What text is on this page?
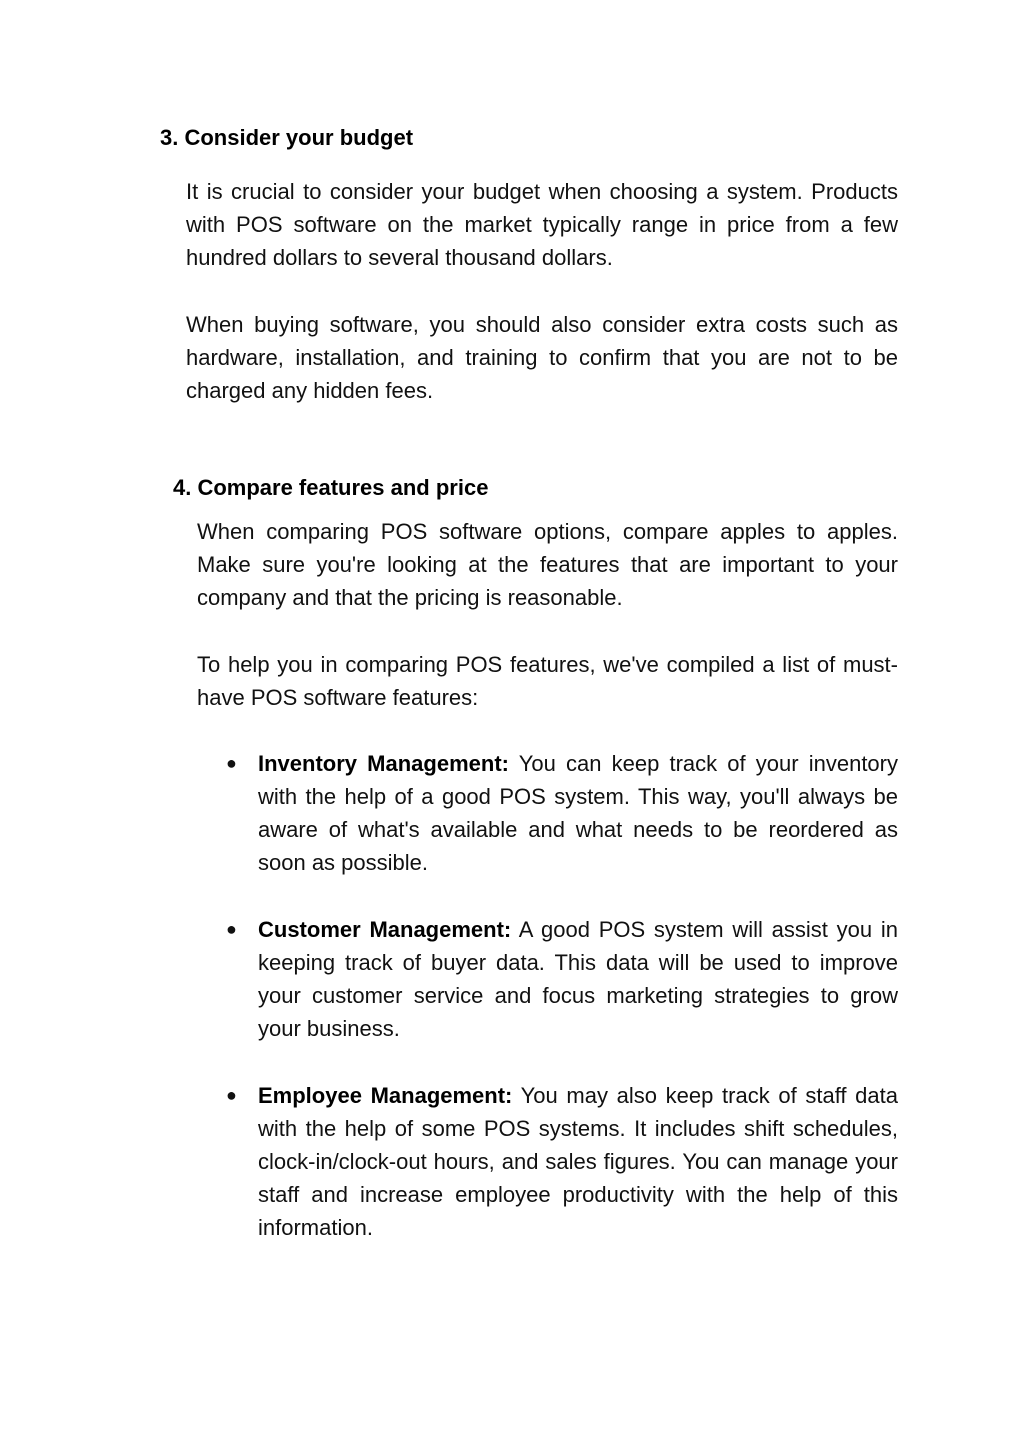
3. Consider your budget

It is crucial to consider your budget when choosing a system. Products with POS software on the market typically range in price from a few hundred dollars to several thousand dollars.

When buying software, you should also consider extra costs such as hardware, installation, and training to confirm that you are not to be charged any hidden fees.

4. Compare features and price

When comparing POS software options, compare apples to apples. Make sure you're looking at the features that are important to your company and that the pricing is reasonable.

To help you in comparing POS features, we've compiled a list of must-have POS software features:

● Inventory Management: You can keep track of your inventory with the help of a good POS system. This way, you'll always be aware of what's available and what needs to be reordered as soon as possible.

● Customer Management: A good POS system will assist you in keeping track of buyer data. This data will be used to improve your customer service and focus marketing strategies to grow your business.

● Employee Management: You may also keep track of staff data with the help of some POS systems. It includes shift schedules, clock-in/clock-out hours, and sales figures. You can manage your staff and increase employee productivity with the help of this information.
